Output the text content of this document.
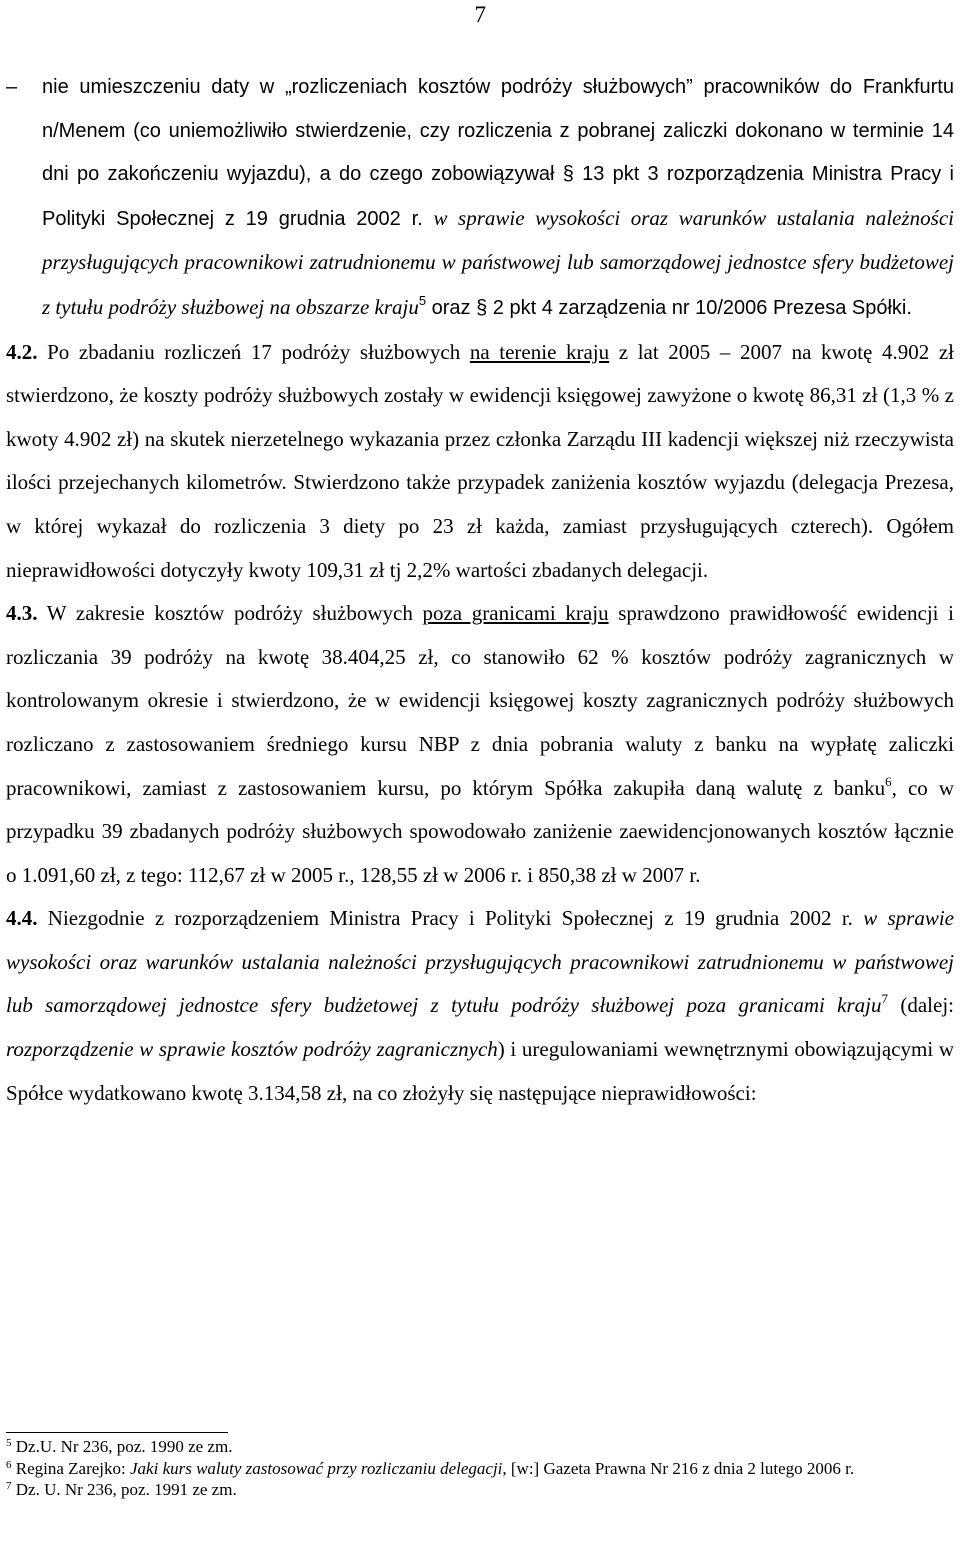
7

– nie umieszczeniu daty w „rozliczeniach kosztów podróży służbowych” pracowników do Frankfurtu n/Menem (co uniemożliwiło stwierdzenie, czy rozliczenia z pobranej zaliczki dokonano w terminie 14 dni po zakończeniu wyjazdu), a do czego zobowiązywał § 13 pkt 3 rozporządzenia Ministra Pracy i Polityki Społecznej z 19 grudnia 2002 r. w sprawie wysokości oraz warunków ustalania należności przysługujących pracownikowi zatrudnionemu w państwowej lub samorządowej jednostce sfery budżetowej z tytułu podróży służbowej na obszarze kraju$^5$ oraz § 2 pkt 4 zarządzenia nr 10/2006 Prezesa Spółki.

4.2. Po zbadaniu rozliczeń 17 podróży służbowych na terenie kraju z lat 2005 – 2007 na kwotę 4.902 zł stwierdzono, że koszty podróży służbowych zostały w ewidencji księgowej zawyżone o kwotę 86,31 zł (1,3 % z kwoty 4.902 zł) na skutek nierzetelnego wykazania przez członka Zarządu III kadencji większej niż rzeczywista ilości przejechanych kilometrów. Stwierdzono także przypadek zaniżenia kosztów wyjazdu (delegacja Prezesa, w której wykazał do rozliczenia 3 diety po 23 zł każda, zamiast przysługujących czterech). Ogółem nieprawidłowości dotyczyły kwoty 109,31 zł tj 2,2% wartości zbadanych delegacji.

4.3. W zakresie kosztów podróży służbowych poza granicami kraju sprawdzono prawidłowość ewidencji i rozliczania 39 podróży na kwotę 38.404,25 zł, co stanowiło 62 % kosztów podróży zagranicznych w kontrolowanym okresie i stwierdzono, że w ewidencji księgowej koszty zagranicznych podróży służbowych rozliczano z zastosowaniem średniego kursu NBP z dnia pobrania waluty z banku na wypłatę zaliczki pracownikowi, zamiast z zastosowaniem kursu, po którym Spółka zakupiła daną walutę z banku$^6$, co w przypadku 39 zbadanych podróży służbowych spowodowało zaniżenie zaewidencjonowanych kosztów łącznie o 1.091,60 zł, z tego: 112,67 zł w 2005 r., 128,55 zł w 2006 r. i 850,38 zł w 2007 r.

4.4. Niezgodnie z rozporządzeniem Ministra Pracy i Polityki Społecznej z 19 grudnia 2002 r. w sprawie wysokości oraz warunków ustalania należności przysługujących pracownikowi zatrudnionemu w państwowej lub samorządowej jednostce sfery budżetowej z tytułu podróży służbowej poza granicami kraju$^7$ (dalej: rozporządzenie w sprawie kosztów podróży zagranicznych) i uregulowaniami wewnętrznymi obowiązującymi w Spółce wydatkowano kwotę 3.134,58 zł, na co złożyły się następujące nieprawidłowości:

$^5$ Dz.U. Nr 236, poz. 1990 ze zm.

$^6$ Regina Zarejko: Jaki kurs waluty zastosować przy rozliczaniu delegacji, [w:] Gazeta Prawna Nr 216 z dnia 2 lutego 2006 r.

$^7$ Dz. U. Nr 236, poz. 1991 ze zm.
